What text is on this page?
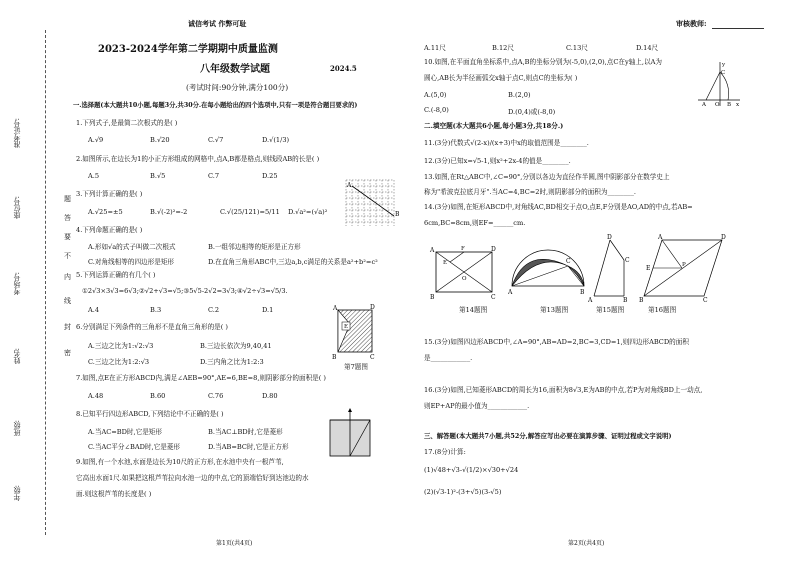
诚信考试 作弊可耻	审核教师:
准考证号:
座位号:
考场号:
姓名:
班级:
年级:
题
答
要
不
内
线
封
密
2023-2024学年第二学期期中质量监测
八年级数学试题	2024.5
(考试时间:90分钟,满分100分)
一.选择题(本大题共10小题,每题3分,共30分.在每小题给出的四个选项中,只有一项是符合题目要求的)
1.下列式子,是最简二次根式的是( )
A.√9	B.√20	C.√7	D.√(1/3)
2.如图所示,在边长为1的小正方形组成的网格中,点A,B都是格点,则线段AB的长是( )
A.5	B.√5	C.7	D.25
A
B
3.下列计算正确的是( )
A.√25=±5	B.√(-2)²=-2	C.√(25/121)=5/11 D.√a²=(√a)²
4.下列命题正确的是( )
A.形如√a的式子叫做二次根式	B.一组邻边相等的矩形是正方形
C.对角线相等的四边形是矩形	D.在直角三角形ABC中,三边a,b,c满足的关系是a²+b²=c²
5.下列运算正确的有几个( )
①2√3×3√3=6√3;②√2+√3=√5;③5√5-2√2=3√3;④√2÷√3=√5/3.
A.4	B.3	C.2	D.1
6.分别满足下列条件的三角形不是直角三角形的是( )
A.三边之比为1:√2:√3	B.三边长依次为9,40,41
C.三边之比为1:2:√3	D.三内角之比为1:2:3
A	D
E
B	C
第7题图
7.如图,点E在正方形ABCD内,满足∠AEB=90°,AE=6,BE=8,则阴影部分的面积是( )
A.48	B.60	C.76	D.80
8.已知平行四边形ABCD,下列结论中不正确的是( )
A.当AC=BD时,它是矩形	B.当AC⊥BD时,它是菱形
C.当AC平分∠BAD时,它是菱形	D.当AB=BC时,它是正方形
9.如图,有一个水池,水面是边长为10尺的正方形,在水池中央有一根芦苇,
它高出水面1尺.如果把这根芦苇拉向水池一边的中点,它的顶端恰好到达池边的水
面.则这根芦苇的长度是( )
第1页(共4页)
A.11尺	B.12尺	C.13尺	D.14尺
10.如图,在平面直角坐标系中,点A,B的坐标分别为(-5,0),(2,0),点C在y轴上,以A为
圆心,AB长为半径画弧交x轴于点C,则点C的坐标为( )
A.(5,0)	B.(2,0)
C.(-8,0)	D.(0,4)或(-8,0)
y
C
A O B x
二.填空题(本大题共6小题,每小题3分,共18分.)
11.(3分)代数式√(2-x)/(x+3)中x的取值范围是________.
12.(3分)已知x=√5-1,则x²+2x-4的值是________.
13.如图,在Rt△ABC中,∠C=90°,分别以各边为直径作半圆,图中阴影部分在数学史上
称为"希波克拉底月牙".当AC=4,BC=2时,则阴影部分的面积为________.
14.(3分)如图,在矩形ABCD中,对角线AC,BD相交于点O,点E,F分别是AO,AD的中点,若AB=
6cm,BC=8cm,则EF=______cm.
A	F	D
E
O
B	C
C
A	B
D
C
A	B
A	D
E	P
B	C
第14题图	第13题图	第15题图	第16题图
15.(3分)如图四边形ABCD中,∠A=90°,AB=AD=2,BC=3,CD=1,则四边形ABCD的面积
是____________.
16.(3分)如图,已知菱形ABCD的周长为16,面积为8√3,E为AB的中点,若P为对角线BD上一动点,
则EP+AP的最小值为____________.
三、解答题(本大题共7小题,共52分,解答应写出必要在演算步骤、证明过程或文字说明)
17.(8分)计算:
(1)√48+√3-√(1/2)×√30+√24
(2)(√3-1)²-(3+√5)(3-√5)
第2页(共4页)
